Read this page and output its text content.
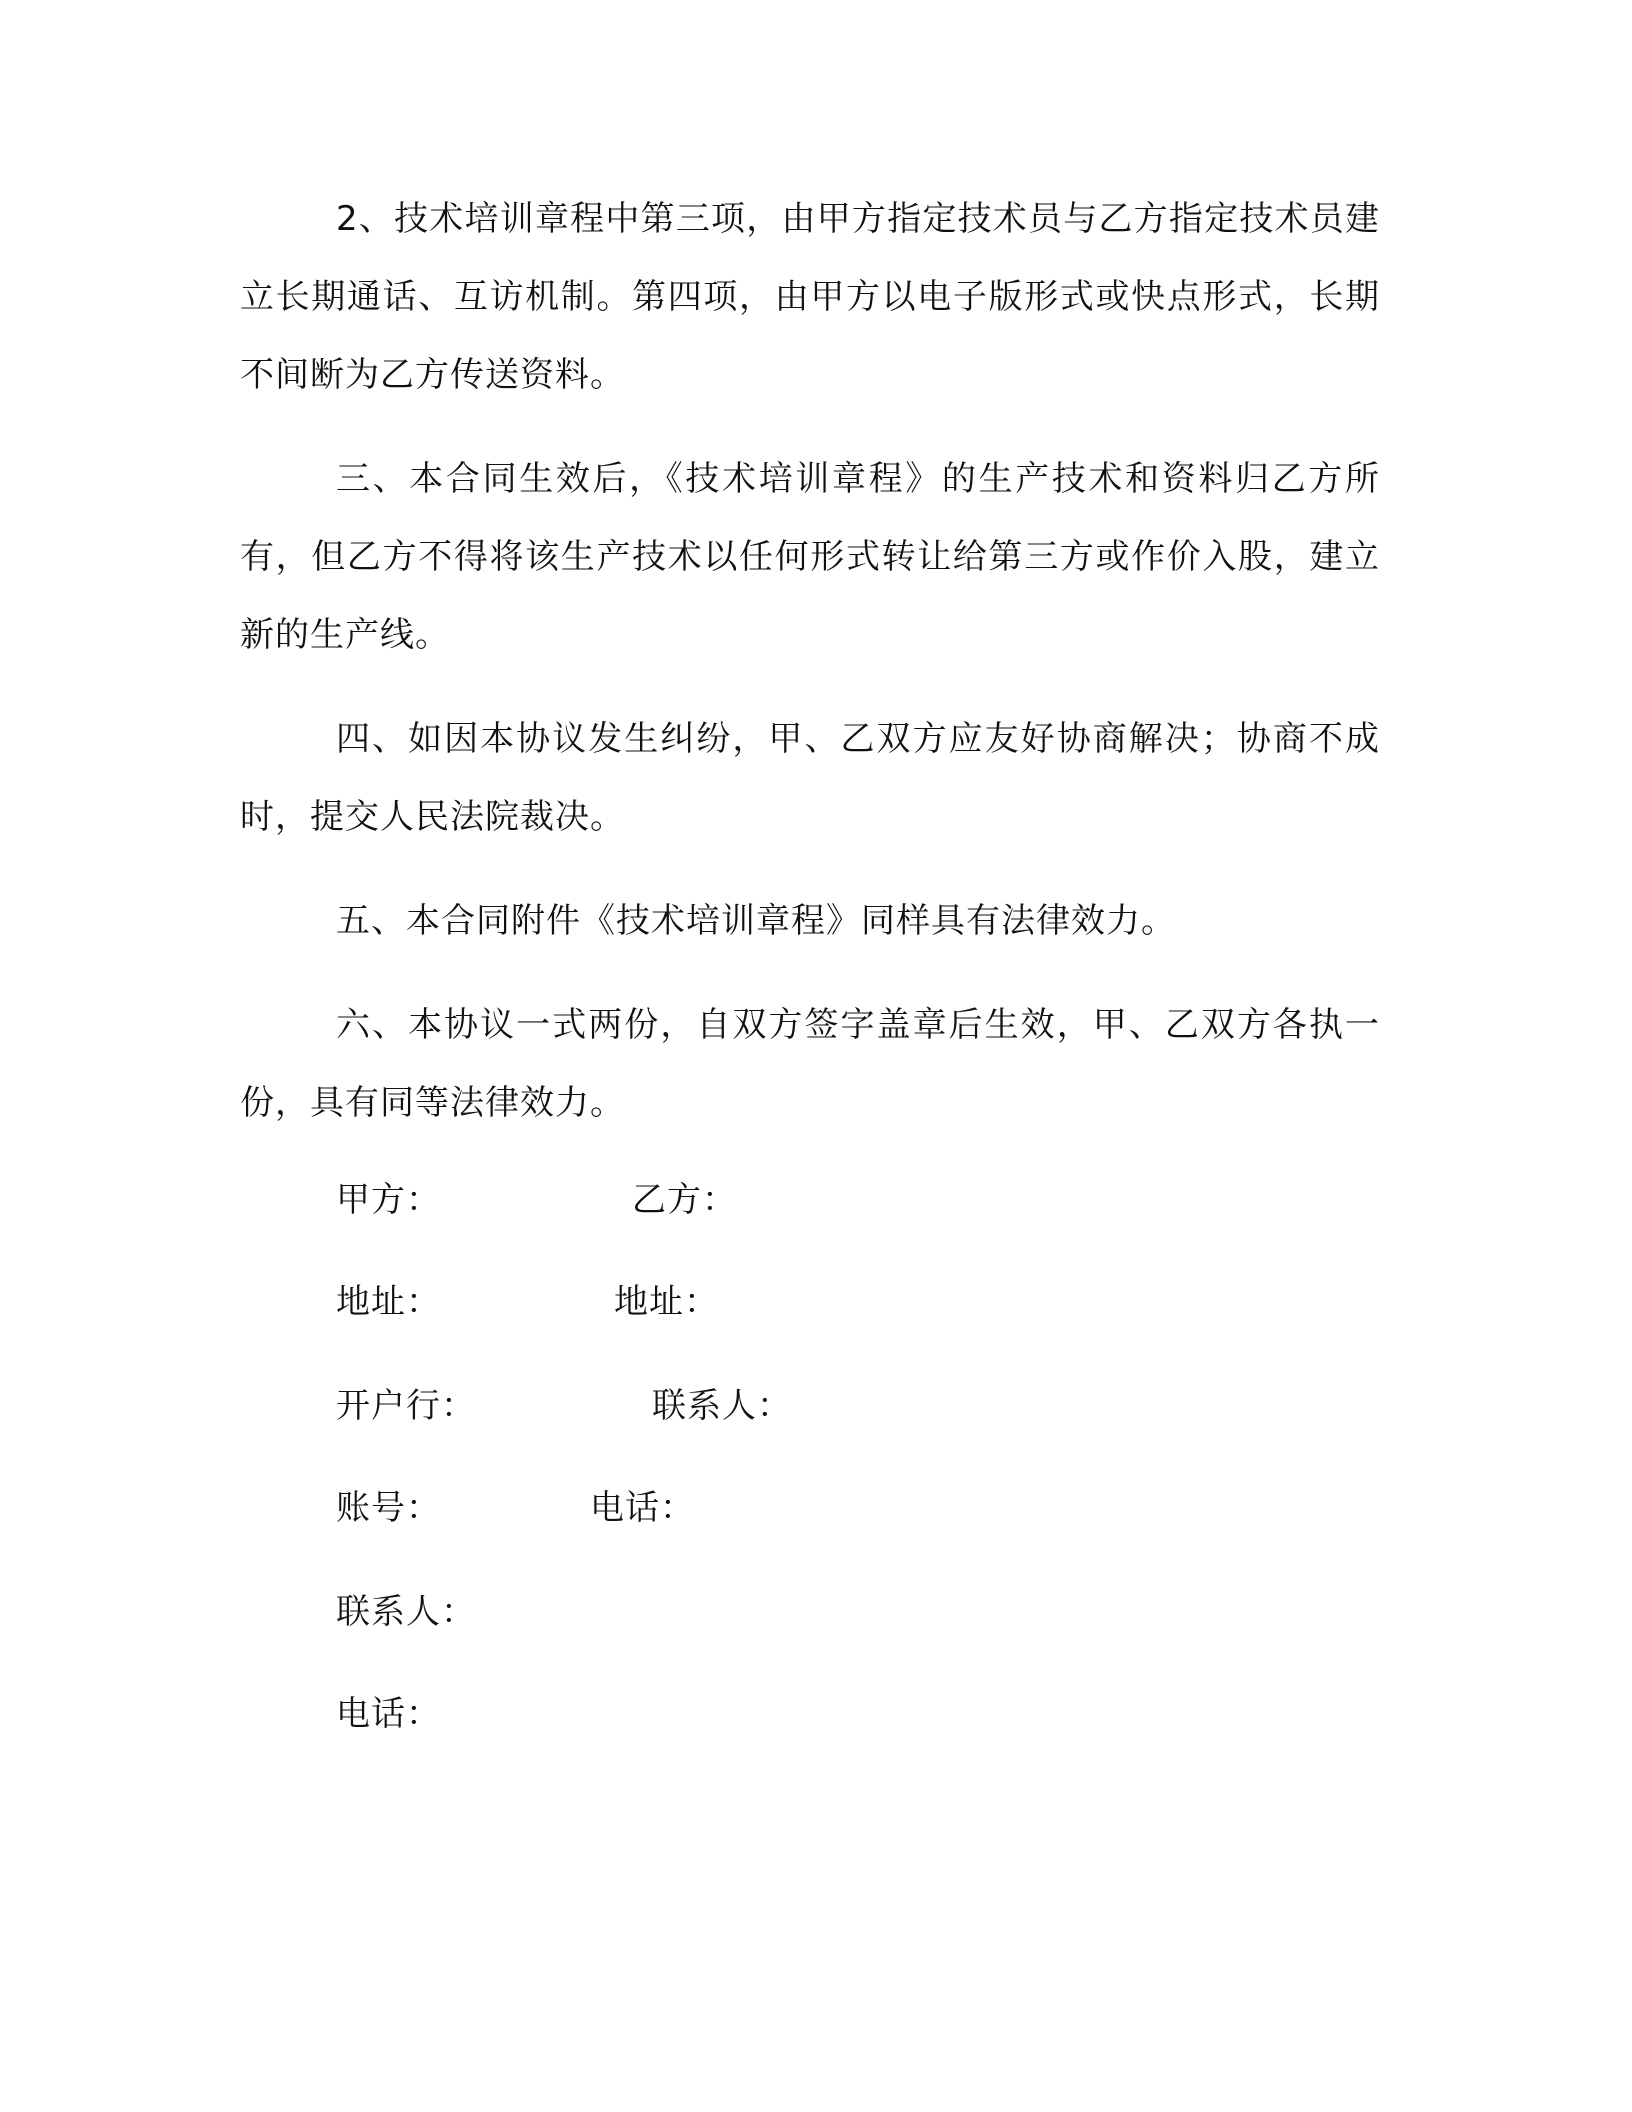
2、技术培训章程中第三项，由甲方指定技术员与乙方指定技术员建立长期通话、互访机制。第四项，由甲方以电子版形式或快点形式，长期不间断为乙方传送资料。

三、本合同生效后，《技术培训章程》的生产技术和资料归乙方所有，但乙方不得将该生产技术以任何形式转让给第三方或作价入股，建立新的生产线。

四、如因本协议发生纠纷，甲、乙双方应友好协商解决；协商不成时，提交人民法院裁决。

五、本合同附件《技术培训章程》同样具有法律效力。

六、本协议一式两份，自双方签字盖章后生效，甲、乙双方各执一份，具有同等法律效力。

甲方：	乙方：
地址：	地址：
开户行：	联系人：
账号：	电话：
联系人：
电话：
